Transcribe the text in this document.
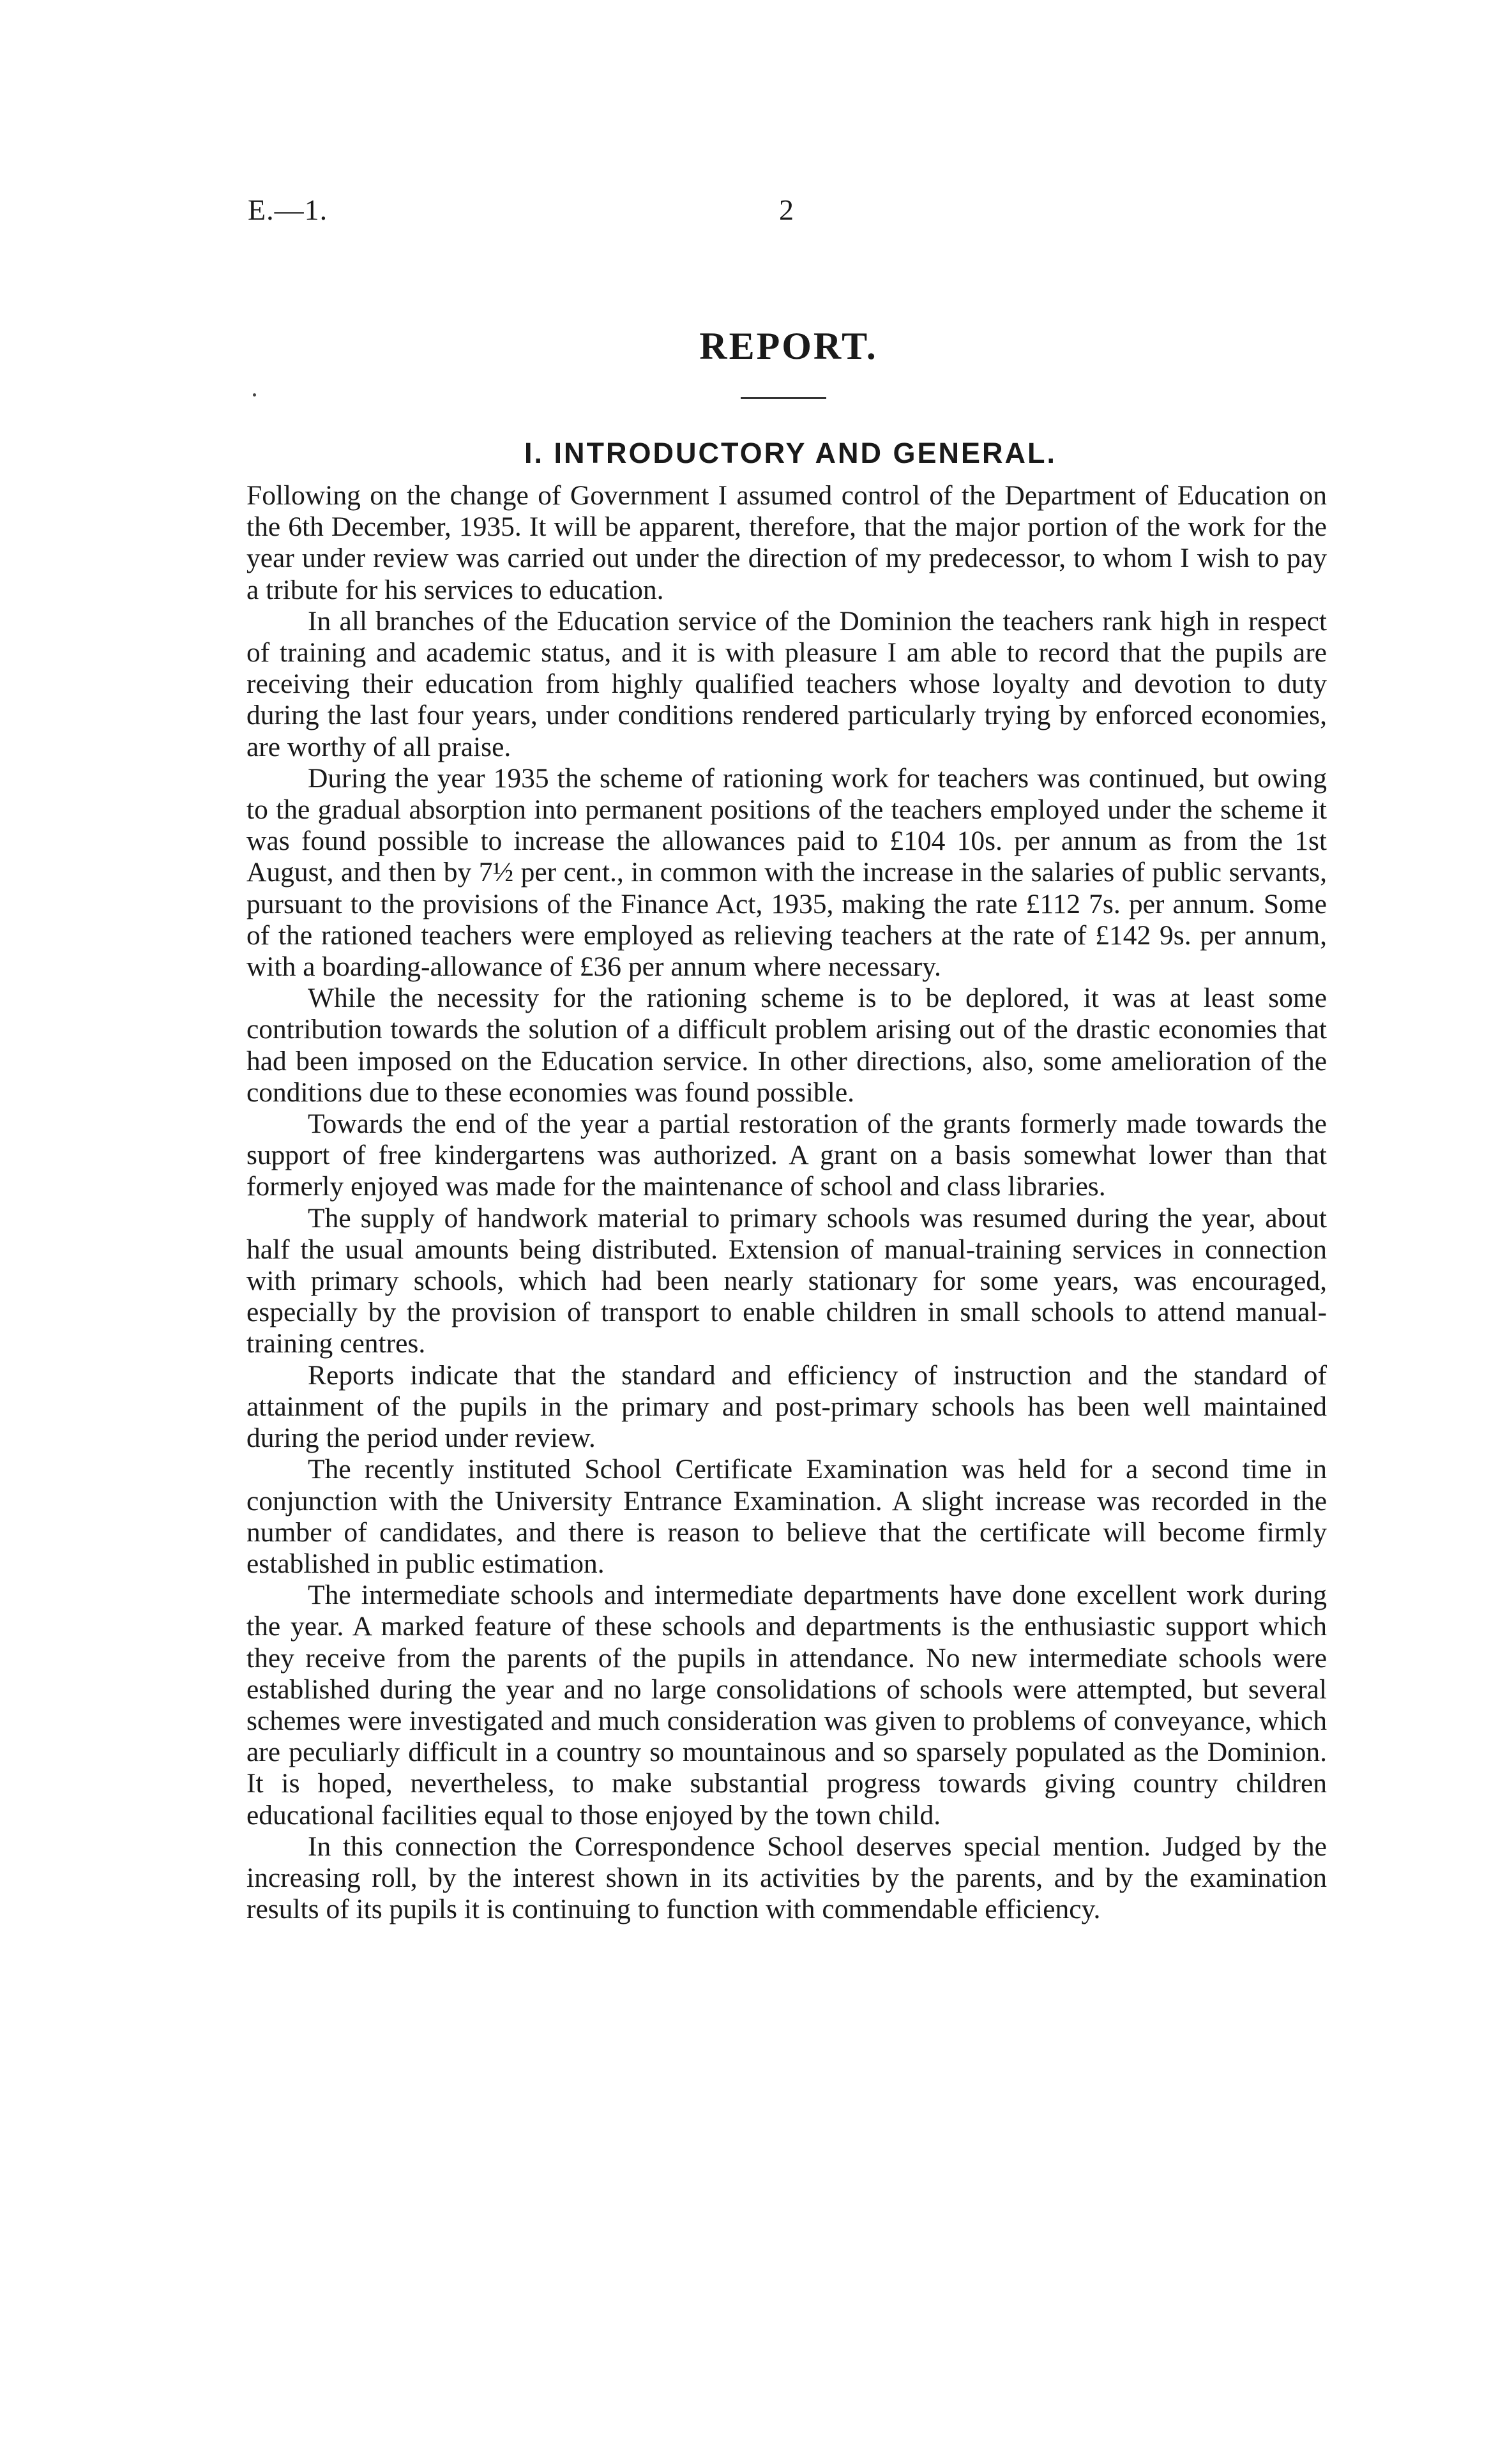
E.—1.	2
REPORT.
I. INTRODUCTORY AND GENERAL.

Following on the change of Government I assumed control of the Department of Education on the 6th December, 1935. It will be apparent, therefore, that the major portion of the work for the year under review was carried out under the direction of my predecessor, to whom I wish to pay a tribute for his services to education.

In all branches of the Education service of the Dominion the teachers rank high in respect of training and academic status, and it is with pleasure I am able to record that the pupils are receiving their education from highly qualified teachers whose loyalty and devotion to duty during the last four years, under conditions rendered particularly trying by enforced economies, are worthy of all praise.

During the year 1935 the scheme of rationing work for teachers was continued, but owing to the gradual absorption into permanent positions of the teachers employed under the scheme it was found possible to increase the allowances paid to £104 10s. per annum as from the 1st August, and then by 7½ per cent., in common with the increase in the salaries of public servants, pursuant to the provisions of the Finance Act, 1935, making the rate £112 7s. per annum. Some of the rationed teachers were employed as relieving teachers at the rate of £142 9s. per annum, with a boarding-allowance of £36 per annum where necessary.

While the necessity for the rationing scheme is to be deplored, it was at least some contribution towards the solution of a difficult problem arising out of the drastic economies that had been imposed on the Education service. In other directions, also, some amelioration of the conditions due to these economies was found possible.

Towards the end of the year a partial restoration of the grants formerly made towards the support of free kindergartens was authorized. A grant on a basis somewhat lower than that formerly enjoyed was made for the maintenance of school and class libraries.

The supply of handwork material to primary schools was resumed during the year, about half the usual amounts being distributed. Extension of manual-training services in connection with primary schools, which had been nearly stationary for some years, was encouraged, especially by the provision of transport to enable children in small schools to attend manual-training centres.

Reports indicate that the standard and efficiency of instruction and the standard of attainment of the pupils in the primary and post-primary schools has been well maintained during the period under review.

The recently instituted School Certificate Examination was held for a second time in conjunction with the University Entrance Examination. A slight increase was recorded in the number of candidates, and there is reason to believe that the certificate will become firmly established in public estimation.

The intermediate schools and intermediate departments have done excellent work during the year. A marked feature of these schools and departments is the enthusiastic support which they receive from the parents of the pupils in attendance. No new intermediate schools were established during the year and no large consolidations of schools were attempted, but several schemes were investigated and much consideration was given to problems of conveyance, which are peculiarly difficult in a country so mountainous and so sparsely populated as the Dominion. It is hoped, nevertheless, to make substantial progress towards giving country children educational facilities equal to those enjoyed by the town child.

In this connection the Correspondence School deserves special mention. Judged by the increasing roll, by the interest shown in its activities by the parents, and by the examination results of its pupils it is continuing to function with commendable efficiency.
